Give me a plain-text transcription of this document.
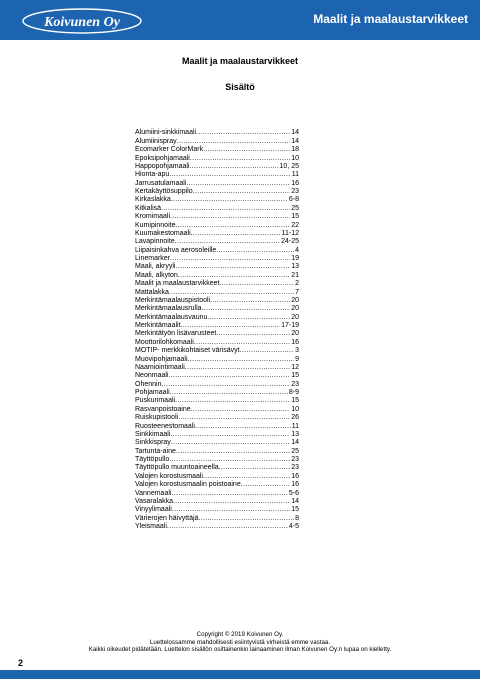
Koivunen Oy	Maalit ja maalaustarvikkeet
Maalit ja maalaustarvikkeet
Sisältö
Alumiini-sinkkimaali .....	14
Alumiinispray .....	14
Ecomarker ColorMark .....	18
Epoksipohjamaali .....	10
Happopohjamaali .....	10, 25
Hionta-apu .....	11
Jarrusatulamaali .....	16
Kertakäyttösuppilo .....	23
Kirkaslakka .....	6-8
Kitkalisä .....	25
Kromimaali .....	15
Kumipinnoite .....	22
Kuumakestomaali .....	11-12
Lavapinnoite .....	24-25
Liipaisinkahva aerosoleille .....	4
Linemarker .....	19
Maali, akryyli .....	13
Maali, alkyton .....	21
Maalit ja maalaustarvikkeet .....	2
Mattalakka .....	7
Merkintämaalauspistooli .....	20
Merkintämaalausrulla .....	20
Merkintämaalausvaunu .....	20
Merkintämaalit .....	17-19
Merkintätyön lisävarusteet .....	20
Moottorilohkomaali .....	16
MOTIP- merkkikohtaiset värisävyt .....	3
Muovipohjamaali .....	9
Naamiointimaali .....	12
Neonmaali .....	15
Ohennin .....	23
Pohjamaali .....	8-9
Puskurimaali .....	15
Rasvanpoistoaine .....	10
Ruiskupistooli .....	26
Ruosteenestomaali .....	11
Sinkkimaali .....	13
Sinkkispray .....	14
Tartunta-aine .....	25
Täyttöpullo .....	23
Täyttöpullo muuntoaineella .....	23
Valojen korostusmaali .....	16
Valojen korostusmaalin poistoaine .....	16
Vannemaali .....	5-6
Vasaralakka .....	14
Vinyylimaali .....	15
Värierojen häivyttäjä .....	8
Yleismaali .....	4-5
Copyright © 2019 Koivunen Oy.
Luettelossamme mahdollisesti esiintyvistä virheistä emme vastaa.
Kaikki oikeudet pidätetään. Luettelon sisällön osittainenkin lainaaminen ilman Koivunen Oy:n lupaa on kielletty.
2
